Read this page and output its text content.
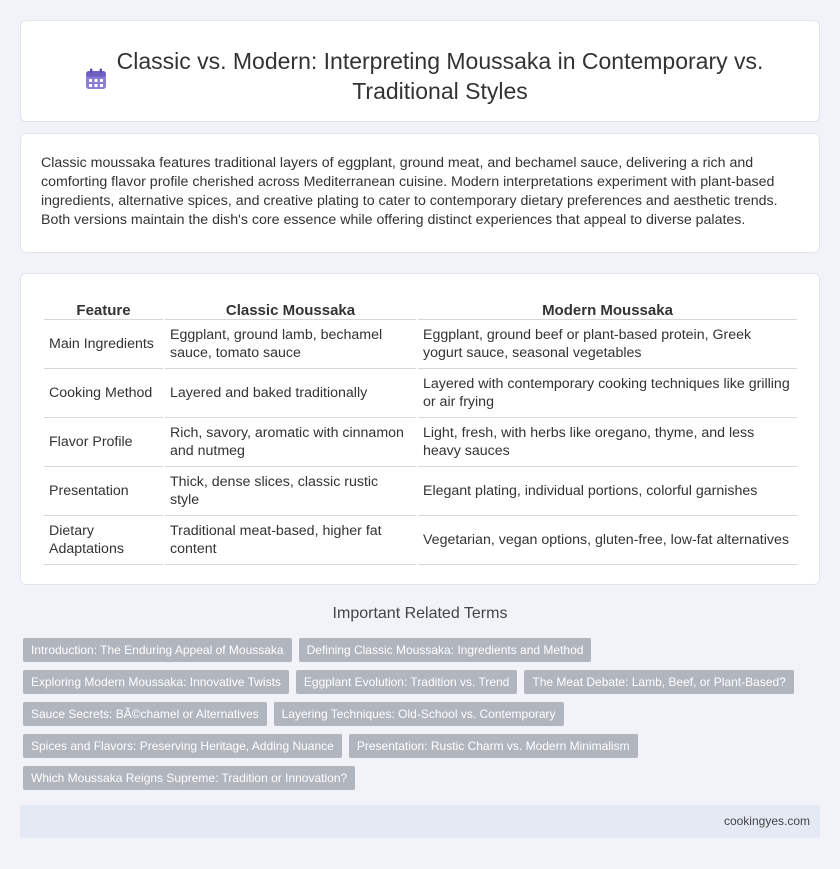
Classic vs. Modern: Interpreting Moussaka in Contemporary vs. Traditional Styles

Classic moussaka features traditional layers of eggplant, ground meat, and bechamel sauce, delivering a rich and comforting flavor profile cherished across Mediterranean cuisine. Modern interpretations experiment with plant-based ingredients, alternative spices, and creative plating to cater to contemporary dietary preferences and aesthetic trends. Both versions maintain the dish's core essence while offering distinct experiences that appeal to diverse palates.

Feature	Classic Moussaka	Modern Moussaka
Main Ingredients	Eggplant, ground lamb, bechamel sauce, tomato sauce	Eggplant, ground beef or plant-based protein, Greek yogurt sauce, seasonal vegetables
Cooking Method	Layered and baked traditionally	Layered with contemporary cooking techniques like grilling or air frying
Flavor Profile	Rich, savory, aromatic with cinnamon and nutmeg	Light, fresh, with herbs like oregano, thyme, and less heavy sauces
Presentation	Thick, dense slices, classic rustic style	Elegant plating, individual portions, colorful garnishes
Dietary Adaptations	Traditional meat-based, higher fat content	Vegetarian, vegan options, gluten-free, low-fat alternatives
Important Related Terms
Introduction: The Enduring Appeal of Moussaka	Defining Classic Moussaka: Ingredients and Method
Exploring Modern Moussaka: Innovative Twists	Eggplant Evolution: Tradition vs. Trend	The Meat Debate: Lamb, Beef, or Plant-Based?
Sauce Secrets: BÃ©chamel or Alternatives	Layering Techniques: Old-School vs. Contemporary
Spices and Flavors: Preserving Heritage, Adding Nuance	Presentation: Rustic Charm vs. Modern Minimalism
Which Moussaka Reigns Supreme: Tradition or Innovation?
cookingyes.com
